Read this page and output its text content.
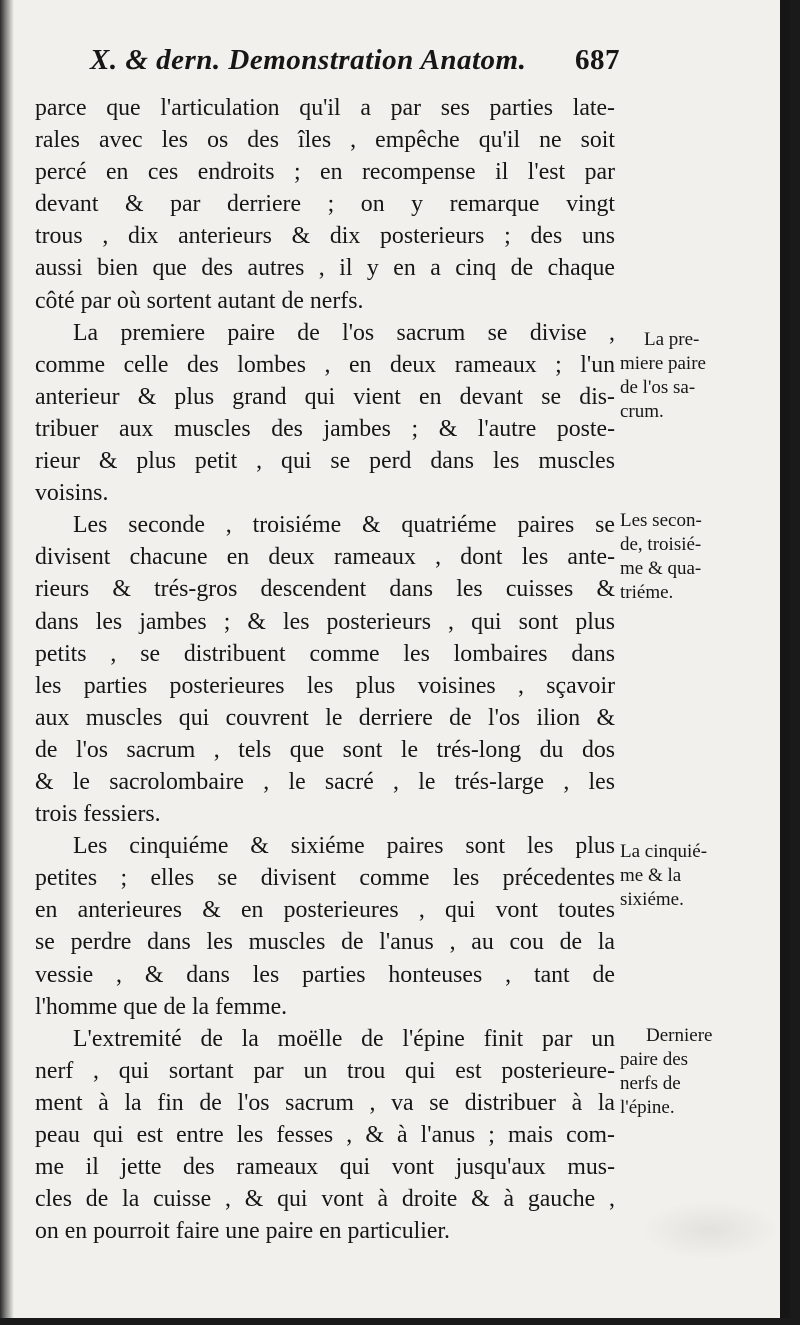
X. & dern. Demonstration Anatom. 687
parce que l'articulation qu'il a par ses parties late-
rales avec les os des îles , empêche qu'il ne soit
percé en ces endroits ; en recompense il l'est par
devant & par derriere ; on y remarque vingt
trous , dix anterieurs & dix posterieurs ; des uns
aussi bien que des autres , il y en a cinq de chaque
côté par où sortent autant de nerfs.
La premiere paire de l'os sacrum se divise ,
comme celle des lombes , en deux rameaux ; l'un
anterieur & plus grand qui vient en devant se dis-
tribuer aux muscles des jambes ; & l'autre poste-
rieur & plus petit , qui se perd dans les muscles
voisins.
Les seconde , troisiéme & quatriéme paires se
divisent chacune en deux rameaux , dont les ante-
rieurs & trés-gros descendent dans les cuisses &
dans les jambes ; & les posterieurs , qui sont plus
petits , se distribuent comme les lombaires dans
les parties posterieures les plus voisines , sçavoir
aux muscles qui couvrent le derriere de l'os ilion &
de l'os sacrum , tels que sont le trés-long du dos
& le sacrolombaire , le sacré , le trés-large , les
trois fessiers.
Les cinquiéme & sixiéme paires sont les plus
petites ; elles se divisent comme les précedentes
en anterieures & en posterieures , qui vont toutes
se perdre dans les muscles de l'anus , au cou de la
vessie , & dans les parties honteuses , tant de
l'homme que de la femme.
L'extremité de la moëlle de l'épine finit par un
nerf , qui sortant par un trou qui est posterieure-
ment à la fin de l'os sacrum , va se distribuer à la
peau qui est entre les fesses , & à l'anus ; mais com-
me il jette des rameaux qui vont jusqu'aux mus-
cles de la cuisse , & qui vont à droite & à gauche ,
on en pourroit faire une paire en particulier.
La pre-
miere paire
de l'os sa-
crum.
Les secon-
de, troisié-
me & qua-
triéme.
La cinquié-
me & la
sixiéme.
Derniere
paire des
nerfs de
l'épine.
